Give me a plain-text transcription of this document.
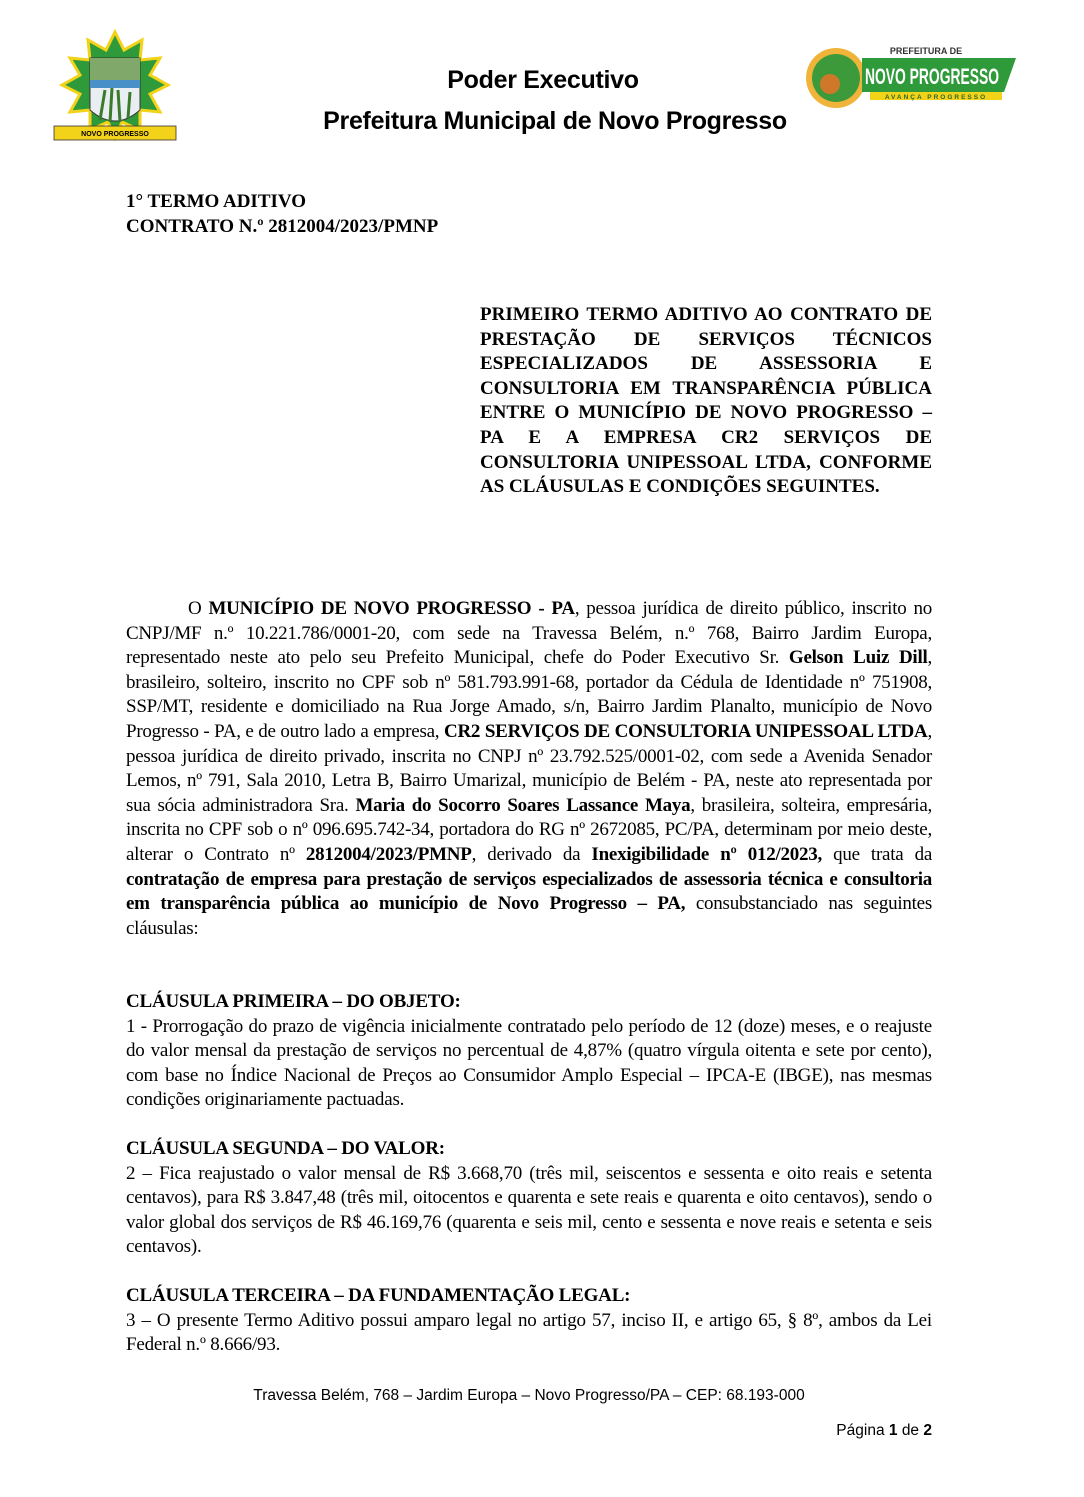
NOVO PROGRESSO
PREFEITURA DE
NOVO PROGRESSO
AVANÇA PROGRESSO
Poder Executivo
Prefeitura Municipal de Novo Progresso
1° TERMO ADITIVO
CONTRATO N.º 2812004/2023/PMNP
PRIMEIRO TERMO ADITIVO AO CONTRATO DE PRESTAÇÃO DE SERVIÇOS TÉCNICOS ESPECIALIZADOS DE ASSESSORIA E CONSULTORIA EM TRANSPARÊNCIA PÚBLICA ENTRE O MUNICÍPIO DE NOVO PROGRESSO – PA E A EMPRESA CR2 SERVIÇOS DE CONSULTORIA UNIPESSOAL LTDA, CONFORME AS CLÁUSULAS E CONDIÇÕES SEGUINTES.
O MUNICÍPIO DE NOVO PROGRESSO - PA, pessoa jurídica de direito público, inscrito no CNPJ/MF n.º 10.221.786/0001-20, com sede na Travessa Belém, n.º 768, Bairro Jardim Europa, representado neste ato pelo seu Prefeito Municipal, chefe do Poder Executivo Sr. Gelson Luiz Dill, brasileiro, solteiro, inscrito no CPF sob nº 581.793.991-68, portador da Cédula de Identidade nº 751908, SSP/MT, residente e domiciliado na Rua Jorge Amado, s/n, Bairro Jardim Planalto, município de Novo Progresso - PA, e de outro lado a empresa, CR2 SERVIÇOS DE CONSULTORIA UNIPESSOAL LTDA, pessoa jurídica de direito privado, inscrita no CNPJ nº 23.792.525/0001-02, com sede a Avenida Senador Lemos, nº 791, Sala 2010, Letra B, Bairro Umarizal, município de Belém - PA, neste ato representada por sua sócia administradora Sra. Maria do Socorro Soares Lassance Maya, brasileira, solteira, empresária, inscrita no CPF sob o nº 096.695.742-34, portadora do RG nº 2672085, PC/PA, determinam por meio deste, alterar o Contrato nº 2812004/2023/PMNP, derivado da Inexigibilidade nº 012/2023, que trata da contratação de empresa para prestação de serviços especializados de assessoria técnica e consultoria em transparência pública ao município de Novo Progresso – PA, consubstanciado nas seguintes cláusulas:
CLÁUSULA PRIMEIRA – DO OBJETO:
1 - Prorrogação do prazo de vigência inicialmente contratado pelo período de 12 (doze) meses, e o reajuste do valor mensal da prestação de serviços no percentual de 4,87% (quatro vírgula oitenta e sete por cento), com base no Índice Nacional de Preços ao Consumidor Amplo Especial – IPCA-E (IBGE), nas mesmas condições originariamente pactuadas.
CLÁUSULA SEGUNDA – DO VALOR:
2 – Fica reajustado o valor mensal de R$ 3.668,70 (três mil, seiscentos e sessenta e oito reais e setenta centavos), para R$ 3.847,48 (três mil, oitocentos e quarenta e sete reais e quarenta e oito centavos), sendo o valor global dos serviços de R$ 46.169,76 (quarenta e seis mil, cento e sessenta e nove reais e setenta e seis centavos).
CLÁUSULA TERCEIRA – DA FUNDAMENTAÇÃO LEGAL:
3 – O presente Termo Aditivo possui amparo legal no artigo 57, inciso II, e artigo 65, § 8º, ambos da Lei Federal n.º 8.666/93.
Travessa Belém, 768 – Jardim Europa – Novo Progresso/PA – CEP: 68.193-000
Página 1 de 2
